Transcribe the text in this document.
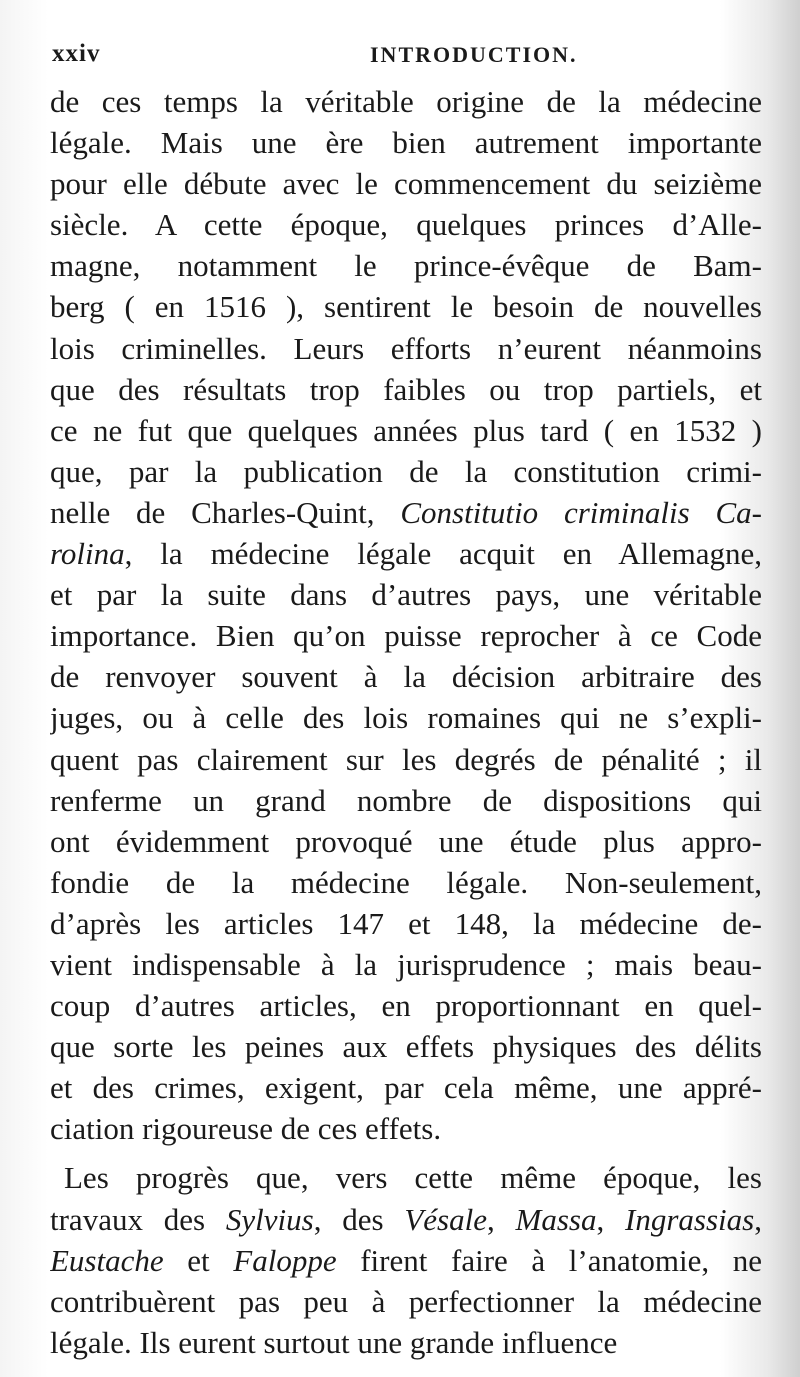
xxiv	INTRODUCTION.
de ces temps la véritable origine de la médecine
légale. Mais une ère bien autrement importante
pour elle débute avec le commencement du seizième
siècle. A cette époque, quelques princes d’Alle-
magne, notamment le prince-évêque de Bam-
berg ( en 1516 ), sentirent le besoin de nouvelles
lois criminelles. Leurs efforts n’eurent néanmoins
que des résultats trop faibles ou trop partiels, et
ce ne fut que quelques années plus tard ( en 1532 )
que, par la publication de la constitution crimi-
nelle de Charles-Quint, Constitutio criminalis Ca-
rolina, la médecine légale acquit en Allemagne,
et par la suite dans d’autres pays, une véritable
importance. Bien qu’on puisse reprocher à ce Code
de renvoyer souvent à la décision arbitraire des
juges, ou à celle des lois romaines qui ne s’expli-
quent pas clairement sur les degrés de pénalité ; il
renferme un grand nombre de dispositions qui
ont évidemment provoqué une étude plus appro-
fondie de la médecine légale. Non-seulement,
d’après les articles 147 et 148, la médecine de-
vient indispensable à la jurisprudence ; mais beau-
coup d’autres articles, en proportionnant en quel-
que sorte les peines aux effets physiques des délits
et des crimes, exigent, par cela même, une appré-
ciation rigoureuse de ces effets.
Les progrès que, vers cette même époque, les
travaux des Sylvius, des Vésale, Massa, Ingrassias,
Eustache et Faloppe firent faire à l’anatomie, ne
contribuèrent pas peu à perfectionner la médecine
légale. Ils eurent surtout une grande influence
